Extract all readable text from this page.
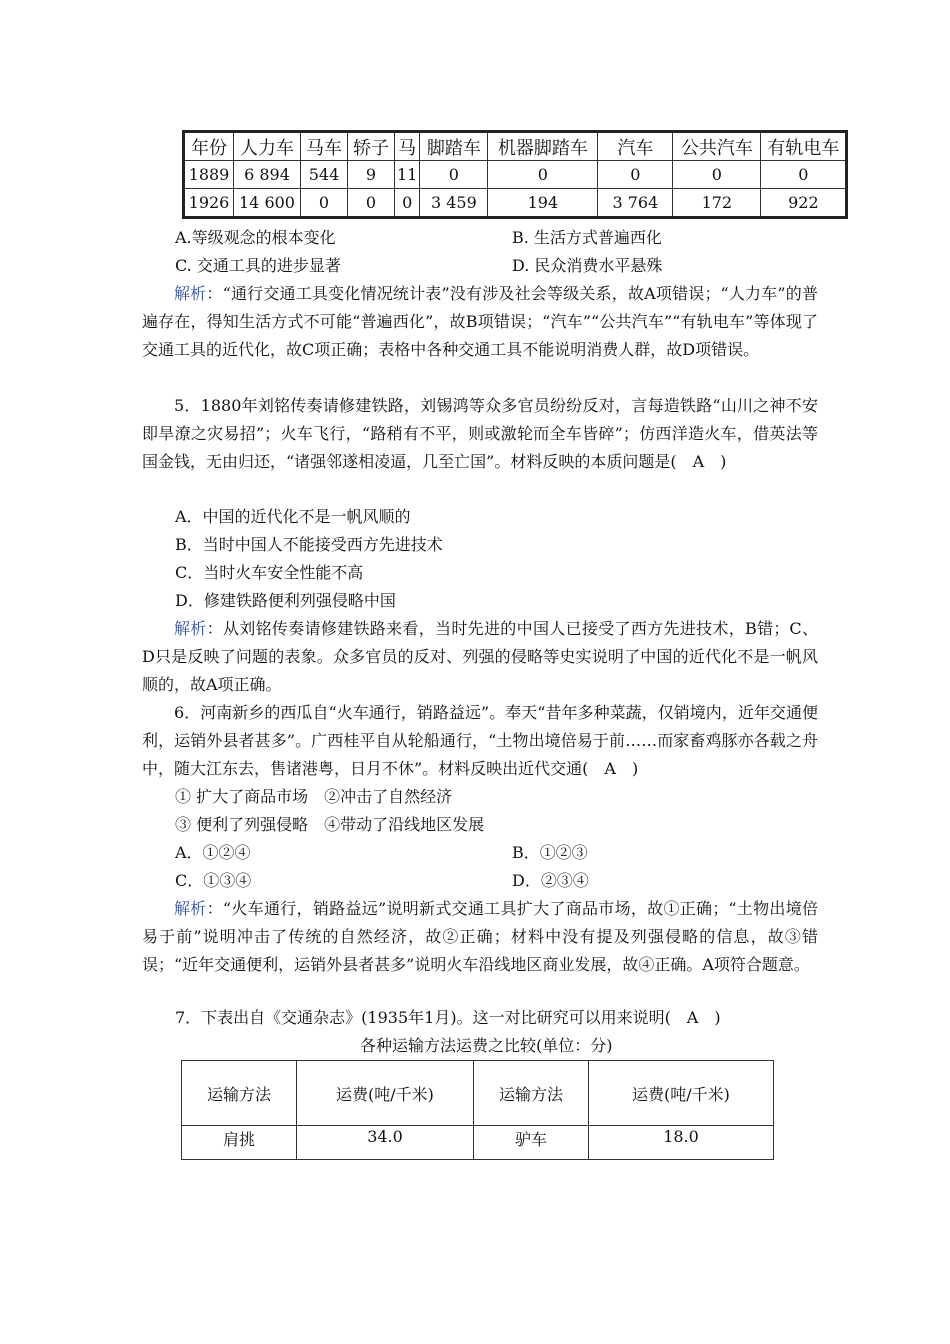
年份	人力车	马车	轿子	马	脚踏车	机器脚踏车	汽车	公共汽车	有轨电车
1889	6 894	544	9	11	0	0	0	0	0
1926	14 600	0	0	0	3 459	194	3 764	172	922
A.等级观念的根本变化	B. 生活方式普遍西化
C. 交通工具的进步显著	D. 民众消费水平悬殊

解析：“通行交通工具变化情况统计表”没有涉及社会等级关系，故A项错误；“人力车”的普遍存在，得知生活方式不可能“普遍西化”，故B项错误；“汽车”“公共汽车”“有轨电车”等体现了交通工具的近代化，故C项正确；表格中各种交通工具不能说明消费人群，故D项错误。

5．1880年刘铭传奏请修建铁路，刘锡鸿等众多官员纷纷反对，言每造铁路“山川之神不安即旱潦之灾易招”；火车飞行，“路稍有不平，则或激轮而全车皆碎”；仿西洋造火车，借英法等国金钱，无由归还，“诸强邻遂相凌逼，几至亡国”。材料反映的本质问题是(　A　)

A．中国的近代化不是一帆风顺的
B．当时中国人不能接受西方先进技术
C．当时火车安全性能不高
D．修建铁路便利列强侵略中国

解析：从刘铭传奏请修建铁路来看，当时先进的中国人已接受了西方先进技术，B错；C、D只是反映了问题的表象。众多官员的反对、列强的侵略等史实说明了中国的近代化不是一帆风顺的，故A项正确。

6．河南新乡的西瓜自“火车通行，销路益远”。奉天“昔年多种菜蔬，仅销境内，近年交通便利，运销外县者甚多”。广西桂平自从轮船通行，“土物出境倍易于前……而家畜鸡豚亦各载之舟中，随大江东去，售诸港粤，日月不休”。材料反映出近代交通(　A　)

① 扩大了商品市场　②冲击了自然经济
③ 便利了列强侵略　④带动了沿线地区发展
A．①②④	B．①②③
C．①③④	D．②③④

解析：“火车通行，销路益远”说明新式交通工具扩大了商品市场，故①正确；“土物出境倍易于前”说明冲击了传统的自然经济，故②正确；材料中没有提及列强侵略的信息，故③错误；“近年交通便利，运销外县者甚多”说明火车沿线地区商业发展，故④正确。A项符合题意。

7．下表出自《交通杂志》(1935年1月)。这一对比研究可以用来说明(　A　)
各种运输方法运费之比较(单位：分)
运输方法	运费(吨/千米)	运输方法	运费(吨/千米)
肩挑	34.0	驴车	18.0
